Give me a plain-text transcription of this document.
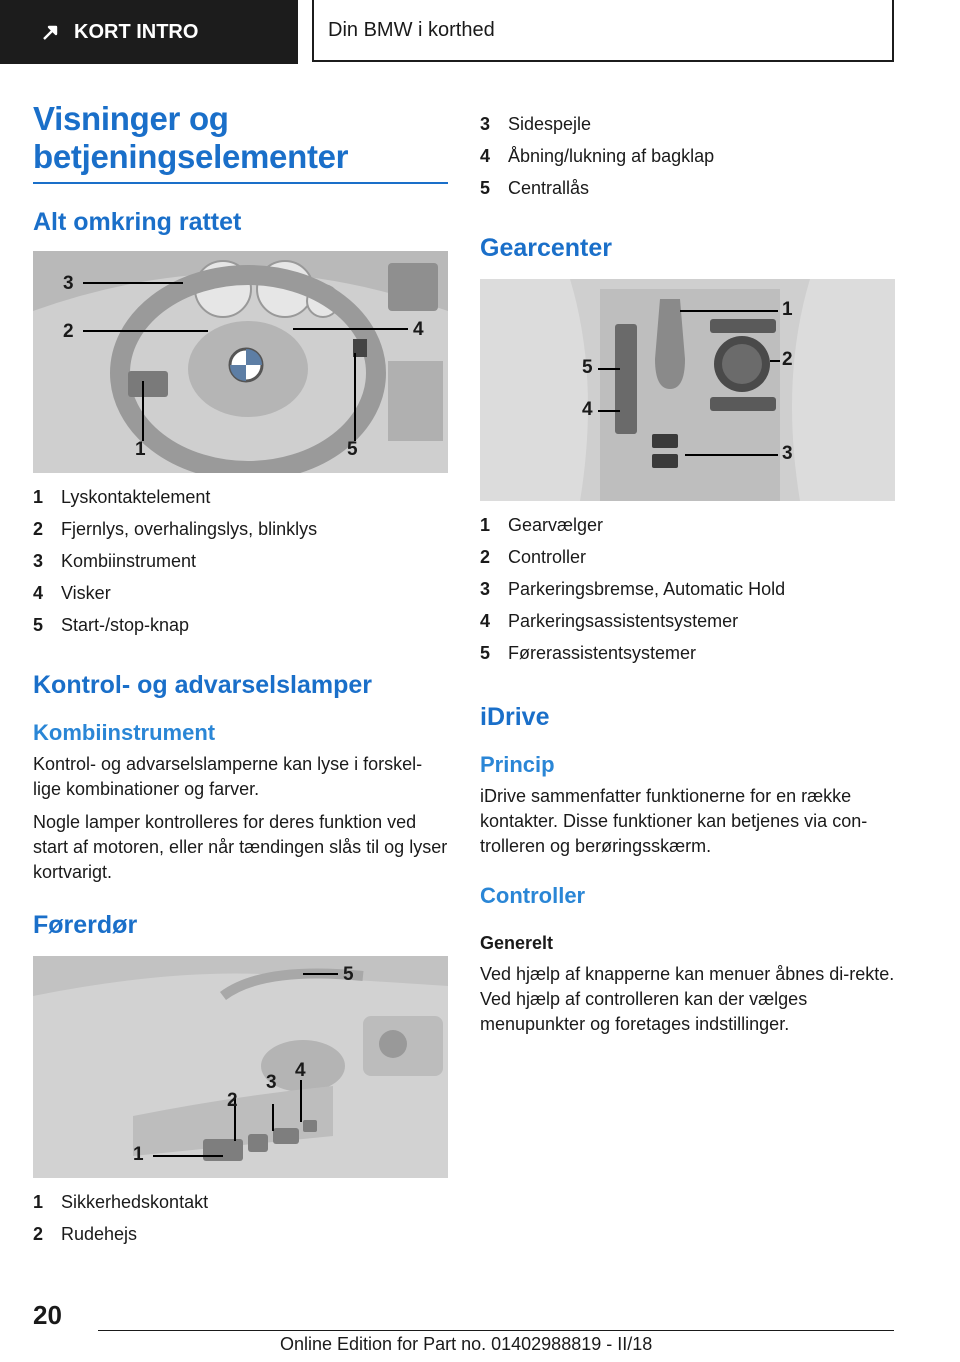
KORT INTRO	Din BMW i korthed
Visninger og
betjeningselementer
Alt omkring rattet
3
2	4
1	5
1 Lyskontaktelement
2 Fjernlys, overhalingslys, blinklys
3 Kombiinstrument
4 Visker
5 Start-/stop-knap
Kontrol- og advarselslamper
Kombiinstrument

Kontrol- og advarselslamperne kan lyse i forskel-lige kombinationer og farver.

Nogle lamper kontrolleres for deres funktion ved start af motoren, eller når tændingen slås til og lyser kortvarigt.

Førerdør
5
4
3
2
1
1 Sikkerhedskontakt
2 Rudehejs
3 Sidespejle
4 Åbning/lukning af bagklap
5 Centrallås
Gearcenter
1
2
3
5
4
1 Gearvælger
2 Controller
3 Parkeringsbremse, Automatic Hold
4 Parkeringsassistentsystemer
5 Førerassistentsystemer
iDrive
Princip

iDrive sammenfatter funktionerne for en række kontakter. Disse funktioner kan betjenes via con-trolleren og berøringsskærm.

Controller
Generelt

Ved hjælp af knapperne kan menuer åbnes di-rekte. Ved hjælp af controlleren kan der vælges menupunkter og foretages indstillinger.

20
Online Edition for Part no. 01402988819 - II/18
